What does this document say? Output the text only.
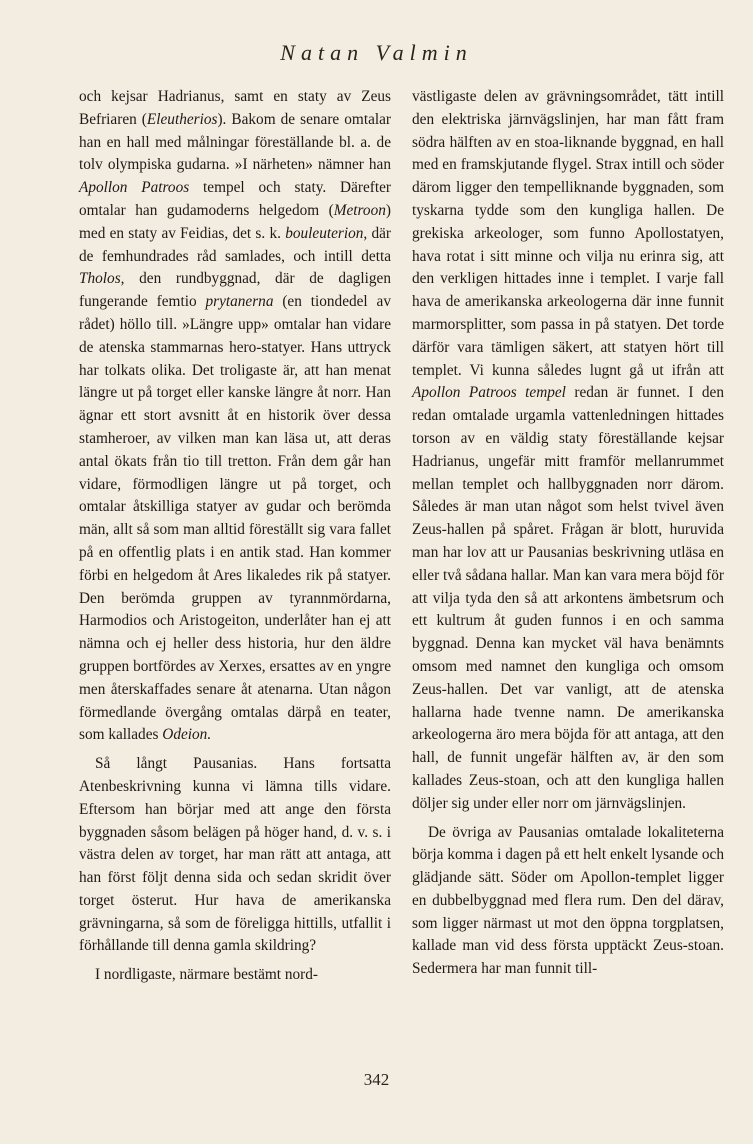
Natan Valmin

och kejsar Hadrianus, samt en staty av Zeus Befriaren (Eleutherios). Bakom de senare omtalar han en hall med målningar föreställande bl. a. de tolv olympiska gudarna. »I närheten» nämner han Apollon Patroos tempel och staty. Därefter omtalar han gudamoderns helgedom (Metroon) med en staty av Feidias, det s. k. bouleuterion, där de femhundrades råd samlades, och intill detta Tholos, den rundbyggnad, där de dagligen fungerande femtio prytanerna (en tiondedel av rådet) höllo till. »Längre upp» omtalar han vidare de atenska stammarnas hero-statyer. Hans uttryck har tolkats olika. Det troligaste är, att han menat längre ut på torget eller kanske längre åt norr. Han ägnar ett stort avsnitt åt en historik över dessa stamheroer, av vilken man kan läsa ut, att deras antal ökats från tio till tretton. Från dem går han vidare, förmodligen längre ut på torget, och omtalar åtskilliga statyer av gudar och berömda män, allt så som man alltid föreställt sig vara fallet på en offentlig plats i en antik stad. Han kommer förbi en helgedom åt Ares likaledes rik på statyer. Den berömda gruppen av tyrannmördarna, Harmodios och Aristogeiton, underlåter han ej att nämna och ej heller dess historia, hur den äldre gruppen bortfördes av Xerxes, ersattes av en yngre men återskaffades senare åt atenarna. Utan någon förmedlande övergång omtalas därpå en teater, som kallades Odeion.

Så långt Pausanias. Hans fortsatta Atenbeskrivning kunna vi lämna tills vidare. Eftersom han börjar med att ange den första byggnaden såsom belägen på höger hand, d. v. s. i västra delen av torget, har man rätt att antaga, att han först följt denna sida och sedan skridit över torget österut. Hur hava de amerikanska grävningarna, så som de föreligga hittills, utfallit i förhållande till denna gamla skildring?

I nordligaste, närmare bestämt nord-

västligaste delen av grävningsområdet, tätt intill den elektriska järnvägslinjen, har man fått fram södra hälften av en stoa-liknande byggnad, en hall med en framskjutande flygel. Strax intill och söder därom ligger den tempelliknande byggnaden, som tyskarna tydde som den kungliga hallen. De grekiska arkeologer, som funno Apollostatyen, hava rotat i sitt minne och vilja nu erinra sig, att den verkligen hittades inne i templet. I varje fall hava de amerikanska arkeologerna där inne funnit marmorsplitter, som passa in på statyen. Det torde därför vara tämligen säkert, att statyen hört till templet. Vi kunna således lugnt gå ut ifrån att Apollon Patroos tempel redan är funnet. I den redan omtalade urgamla vattenledningen hittades torson av en väldig staty föreställande kejsar Hadrianus, ungefär mitt framför mellanrummet mellan templet och hallbyggnaden norr därom. Således är man utan något som helst tvivel även Zeus-hallen på spåret. Frågan är blott, huruvida man har lov att ur Pausanias beskrivning utläsa en eller två sådana hallar. Man kan vara mera böjd för att vilja tyda den så att arkontens ämbetsrum och ett kultrum åt guden funnos i en och samma byggnad. Denna kan mycket väl hava benämnts omsom med namnet den kungliga och omsom Zeus-hallen. Det var vanligt, att de atenska hallarna hade tvenne namn. De amerikanska arkeologerna äro mera böjda för att antaga, att den hall, de funnit ungefär hälften av, är den som kallades Zeus-stoan, och att den kungliga hallen döljer sig under eller norr om järnvägslinjen.

De övriga av Pausanias omtalade lokaliteterna börja komma i dagen på ett helt enkelt lysande och glädjande sätt. Söder om Apollon-templet ligger en dubbelbyggnad med flera rum. Den del därav, som ligger närmast ut mot den öppna torgplatsen, kallade man vid dess första upptäckt Zeus-stoan. Sedermera har man funnit till-

342
